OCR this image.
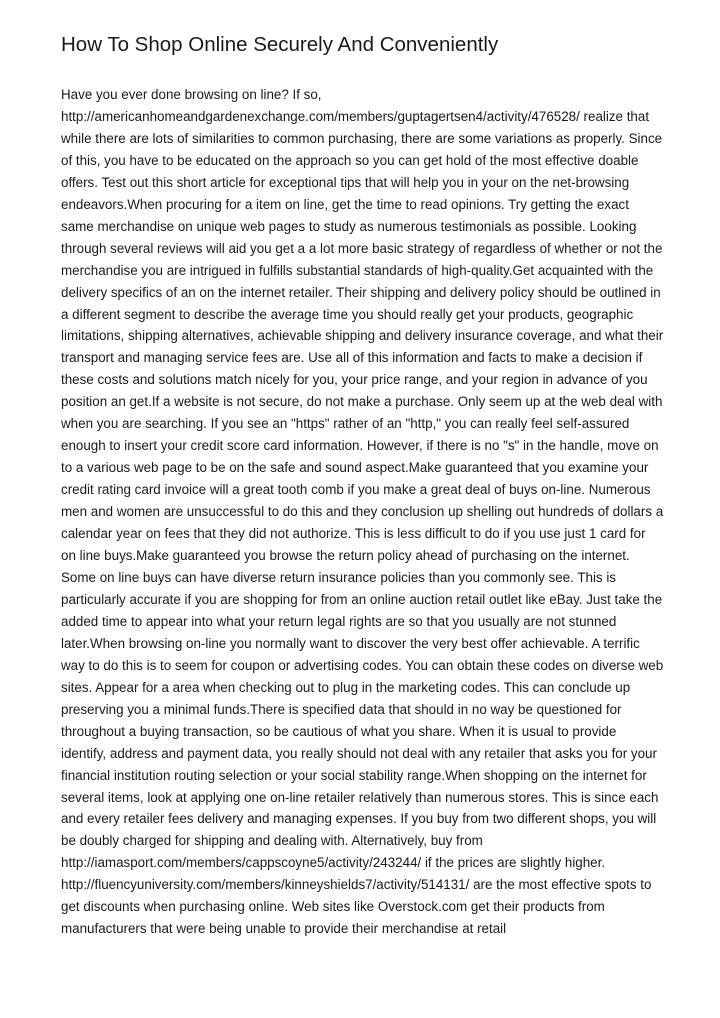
How To Shop Online Securely And Conveniently

Have you ever done browsing on line? If so, http://americanhomeandgardenexchange.com/members/guptagertsen4/activity/476528/ realize that while there are lots of similarities to common purchasing, there are some variations as properly. Since of this, you have to be educated on the approach so you can get hold of the most effective doable offers. Test out this short article for exceptional tips that will help you in your on the net-browsing endeavors.When procuring for a item on line, get the time to read opinions. Try getting the exact same merchandise on unique web pages to study as numerous testimonials as possible. Looking through several reviews will aid you get a a lot more basic strategy of regardless of whether or not the merchandise you are intrigued in fulfills substantial standards of high-quality.Get acquainted with the delivery specifics of an on the internet retailer. Their shipping and delivery policy should be outlined in a different segment to describe the average time you should really get your products, geographic limitations, shipping alternatives, achievable shipping and delivery insurance coverage, and what their transport and managing service fees are. Use all of this information and facts to make a decision if these costs and solutions match nicely for you, your price range, and your region in advance of you position an get.If a website is not secure, do not make a purchase. Only seem up at the web deal with when you are searching. If you see an "https" rather of an "http," you can really feel self-assured enough to insert your credit score card information. However, if there is no "s" in the handle, move on to a various web page to be on the safe and sound aspect.Make guaranteed that you examine your credit rating card invoice will a great tooth comb if you make a great deal of buys on-line. Numerous men and women are unsuccessful to do this and they conclusion up shelling out hundreds of dollars a calendar year on fees that they did not authorize. This is less difficult to do if you use just 1 card for on line buys.Make guaranteed you browse the return policy ahead of purchasing on the internet. Some on line buys can have diverse return insurance policies than you commonly see. This is particularly accurate if you are shopping for from an online auction retail outlet like eBay. Just take the added time to appear into what your return legal rights are so that you usually are not stunned later.When browsing on-line you normally want to discover the very best offer achievable. A terrific way to do this is to seem for coupon or advertising codes. You can obtain these codes on diverse web sites. Appear for a area when checking out to plug in the marketing codes. This can conclude up preserving you a minimal funds.There is specified data that should in no way be questioned for throughout a buying transaction, so be cautious of what you share. When it is usual to provide identify, address and payment data, you really should not deal with any retailer that asks you for your financial institution routing selection or your social stability range.When shopping on the internet for several items, look at applying one on-line retailer relatively than numerous stores. This is since each and every retailer fees delivery and managing expenses. If you buy from two different shops, you will be doubly charged for shipping and dealing with. Alternatively, buy from http://iamasport.com/members/cappscoyne5/activity/243244/ if the prices are slightly higher. http://fluencyuniversity.com/members/kinneyshields7/activity/514131/ are the most effective spots to get discounts when purchasing online. Web sites like Overstock.com get their products from manufacturers that were being unable to provide their merchandise at retail
